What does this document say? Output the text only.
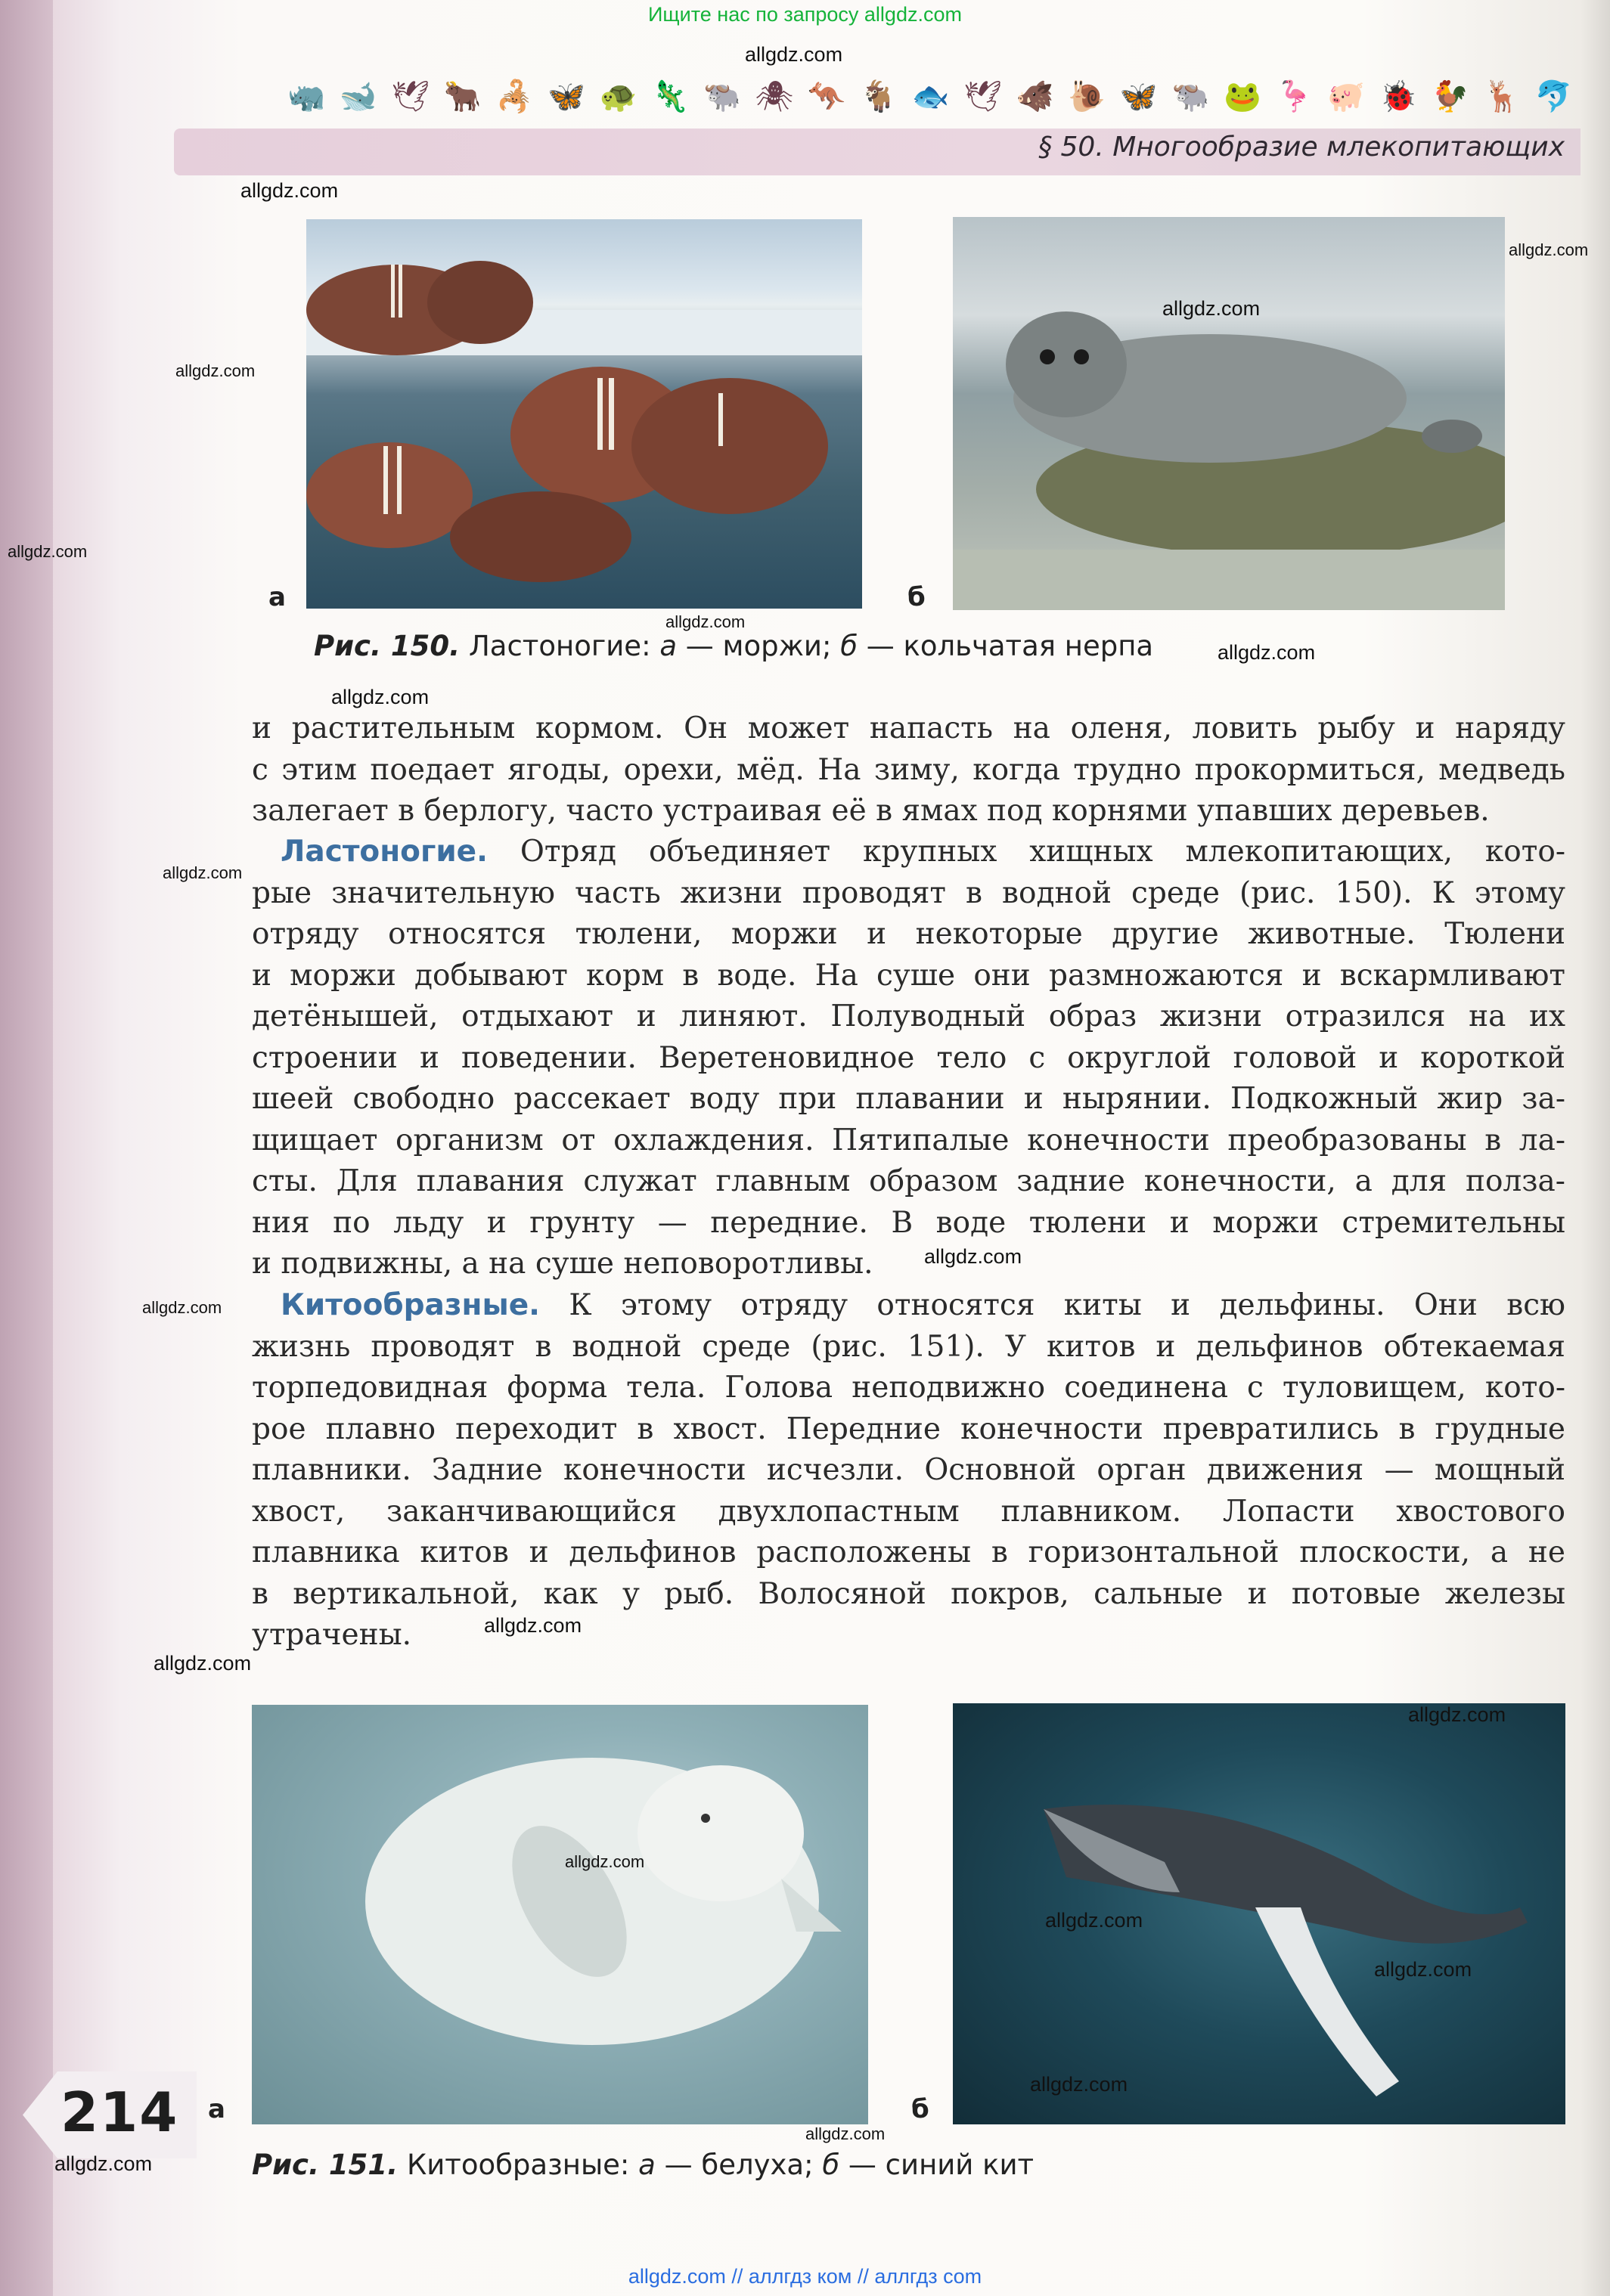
Ищите нас по запросу allgdz.com
allgdz.com // аллгдз ком // аллгдз com
🦏 🐋 🕊 🐂 🦂 🦋 🐢 🦎 🐃 🕷 🦘 🐐 🐟 🕊 🐗 🐌 🦋 🐃 🐸 🦩 🐖 🐞 🐓 🦌 🐬
§ 50. Многообразие млекопитающих
а	б
Рис. 150. Ластоногие: а — моржи; б — кольчатая нерпа
и растительным кормом. Он может напасть на оленя, ловить рыбу и наряду
с этим поедает ягоды, орехи, мёд. На зиму, когда трудно прокормиться, медведь
залегает в берлогу, часто устраивая её в ямах под корнями упавших деревьев.
Ластоногие. Отряд объединяет крупных хищных млекопитающих, кото-
рые значительную часть жизни проводят в водной среде (рис. 150). К этому
отряду относятся тюлени, моржи и некоторые другие животные. Тюлени
и моржи добывают корм в воде. На суше они размножаются и вскармливают
детёнышей, отдыхают и линяют. Полуводный образ жизни отразился на их
строении и поведении. Веретеновидное тело с округлой головой и короткой
шеей свободно рассекает воду при плавании и нырянии. Подкожный жир за-
щищает организм от охлаждения. Пятипалые конечности преобразованы в ла-
сты. Для плавания служат главным образом задние конечности, а для полза-
ния по льду и грунту — передние. В воде тюлени и моржи стремительны
и подвижны, а на суше неповоротливы.
Китообразные. К этому отряду относятся киты и дельфины. Они всю
жизнь проводят в водной среде (рис. 151). У китов и дельфинов обтекаемая
торпедовидная форма тела. Голова неподвижно соединена с туловищем, кото-
рое плавно переходит в хвост. Передние конечности превратились в грудные
плавники. Задние конечности исчезли. Основной орган движения — мощный
хвост, заканчивающийся двухлопастным плавником. Лопасти хвостового
плавника китов и дельфинов расположены в горизонтальной плоскости, а не
в вертикальной, как у рыб. Волосяной покров, сальные и потовые железы
утрачены.
а	б
Рис. 151. Китообразные: а — белуха; б — синий кит
214
allgdz.com
allgdz.com
allgdz.com
allgdz.com
allgdz.com
allgdz.com
allgdz.com
allgdz.com
allgdz.com
allgdz.com
allgdz.com
allgdz.com
allgdz.com
allgdz.com
allgdz.com
allgdz.com
allgdz.com
allgdz.com
allgdz.com
allgdz.com
allgdz.com
